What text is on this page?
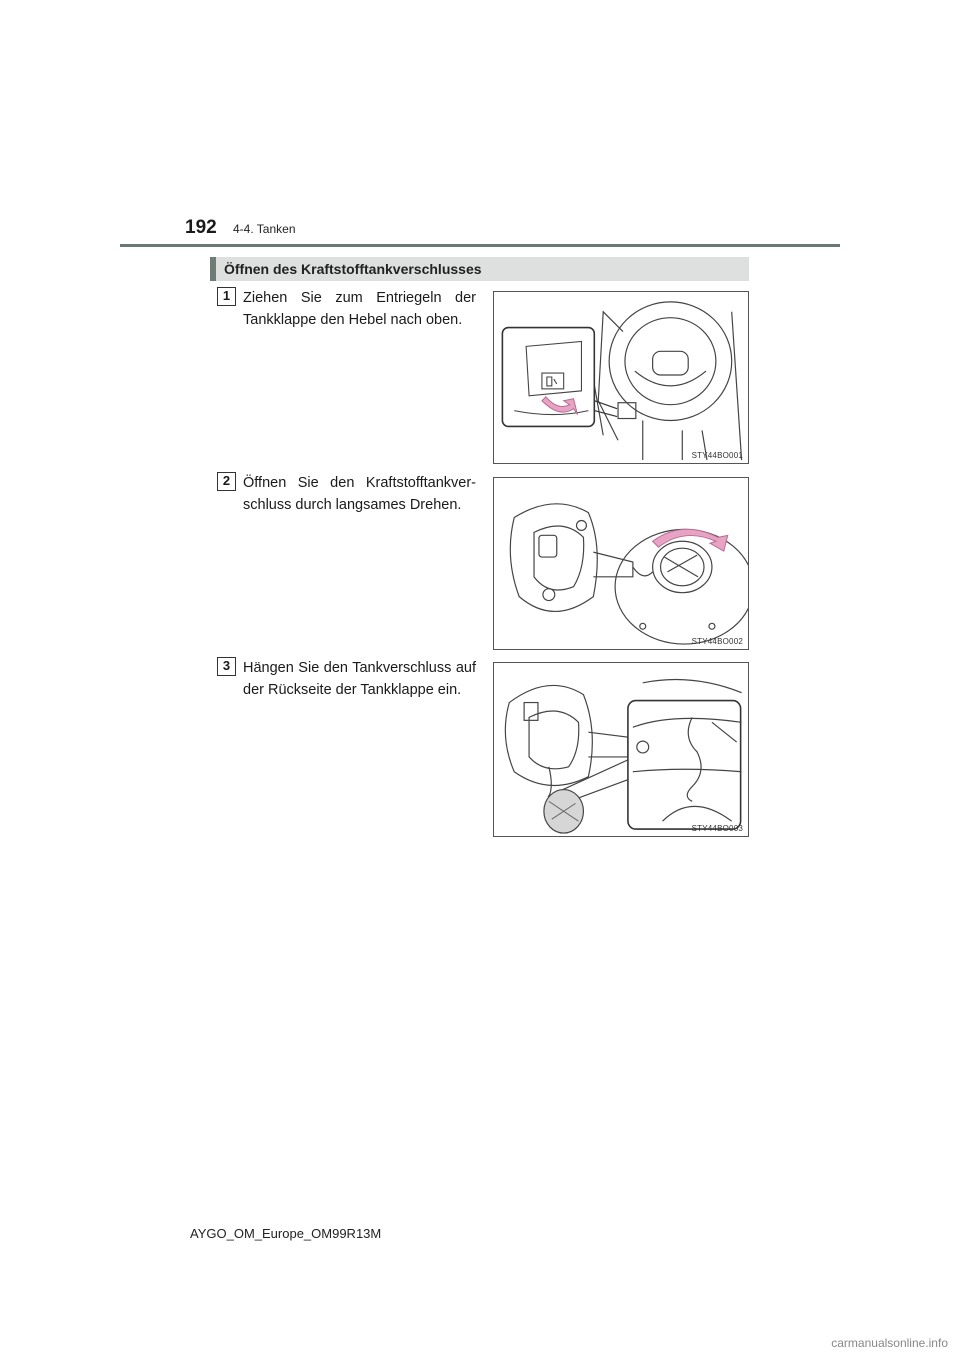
192 4-4. Tanken
Öffnen des Kraftstofftankverschlusses
1 Ziehen Sie zum Entriegeln der Tankklappe den Hebel nach oben.
STY44BO001
2 Öffnen Sie den Kraftstofftankver-schluss durch langsames Drehen.
STY44BO002
3 Hängen Sie den Tankverschluss auf der Rückseite der Tankklappe ein.
STY44BO003
AYGO_OM_Europe_OM99R13M
carmanualsonline.info
